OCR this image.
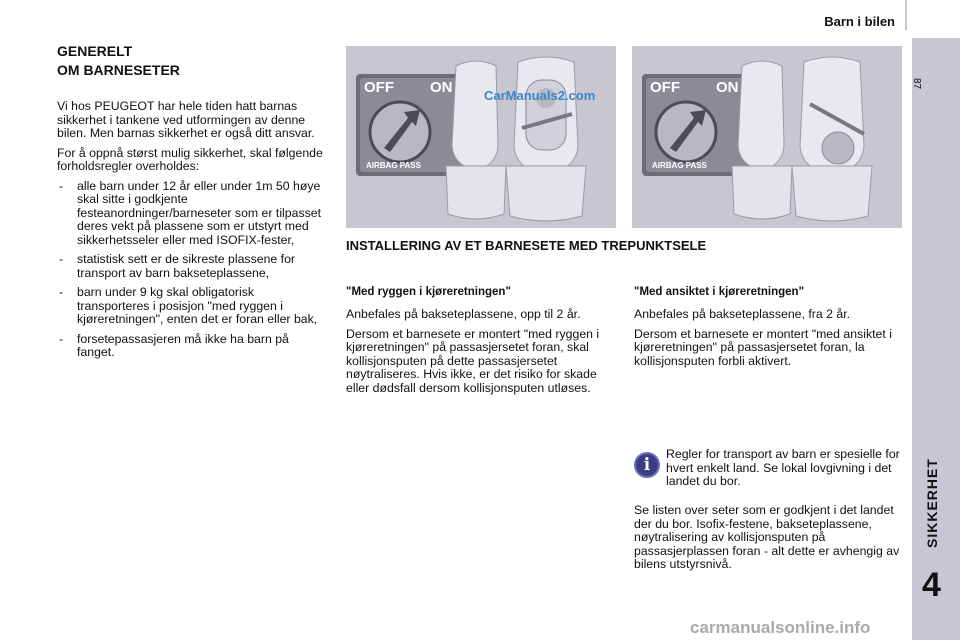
Barn i bilen
87
SIKKERHET
4
GENERELT
OM BARNESETER

Vi hos PEUGEOT har hele tiden hatt barnas sikkerhet i tankene ved utformingen av denne bilen. Men barnas sikkerhet er også ditt ansvar.

For å oppnå størst mulig sikkerhet, skal følgende forholdsregler overholdes:

- alle barn under 12 år eller under 1m 50 høye skal sitte i godkjente festeanordninger/barneseter som er tilpasset deres vekt på plassene som er utstyrt med sikkerhetsseler eller med ISOFIX-fester,
- statistisk sett er de sikreste plassene for transport av barn bakseteplassene,
- barn under 9 kg skal obligatorisk transporteres i posisjon "med ryggen i kjøreretningen", enten det er foran eller bak,
- forsetepassasjeren må ikke ha barn på fanget.
OFF ON
AIRBAG PASS
CarManuals2.com	OFF ON
AIRBAG PASS
INSTALLERING AV ET BARNESETE MED TREPUNKTSELE
"Med ryggen i kjøreretningen"

Anbefales på bakseteplassene, opp til 2 år.

Dersom et barnesete er montert "med ryggen i kjøreretningen" på passasjersetet foran, skal kollisjonsputen på dette passasjersetet nøytraliseres. Hvis ikke, er det risiko for skade eller dødsfall dersom kollisjonsputen utløses.

"Med ansiktet i kjøreretningen"

Anbefales på bakseteplassene, fra 2 år.

Dersom et barnesete er montert "med ansiktet i kjøreretningen" på passasjersetet foran, la kollisjonsputen forbli aktivert.

i

Regler for transport av barn er spesielle for hvert enkelt land. Se lokal lovgivning i det landet du bor.

Se listen over seter som er godkjent i det landet der du bor. Isofix-festene, bakseteplassene, nøytralisering av kollisjonsputen på passasjerplassen foran - alt dette er avhengig av bilens utstyrsnivå.

carmanualsonline.info
